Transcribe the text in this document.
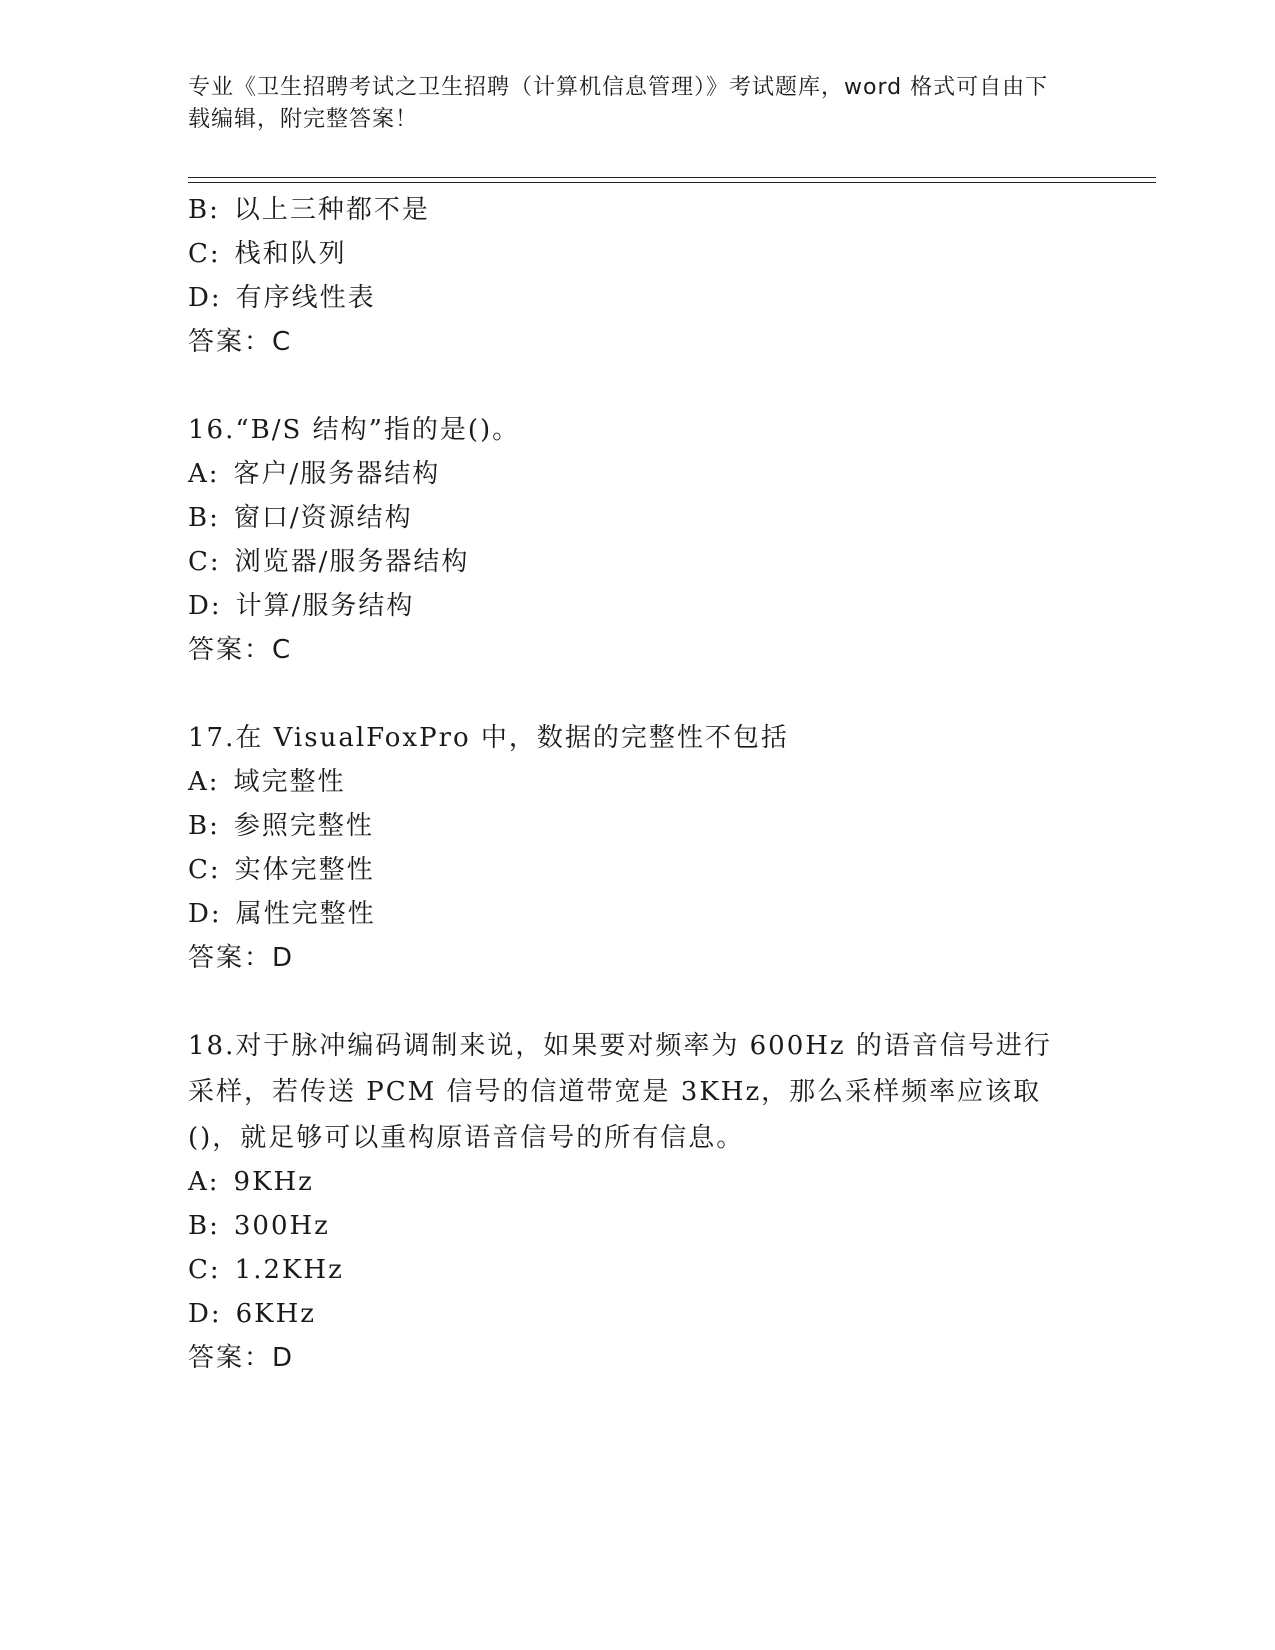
专业《卫生招聘考试之卫生招聘（计算机信息管理）》考试题库，word 格式可自由下载编辑，附完整答案！
B: 以上三种都不是
C: 栈和队列
D: 有序线性表
答案：C
16.“B/S 结构”指的是()。
A: 客户/服务器结构
B: 窗口/资源结构
C: 浏览器/服务器结构
D: 计算/服务结构
答案：C
17.在 VisualFoxPro 中，数据的完整性不包括
A: 域完整性
B: 参照完整性
C: 实体完整性
D: 属性完整性
答案：D
18.对于脉冲编码调制来说，如果要对频率为 600Hz 的语音信号进行采样，若传送 PCM 信号的信道带宽是 3KHz，那么采样频率应该取()，就足够可以重构原语音信号的所有信息。
A: 9KHz
B: 300Hz
C: 1.2KHz
D: 6KHz
答案：D
